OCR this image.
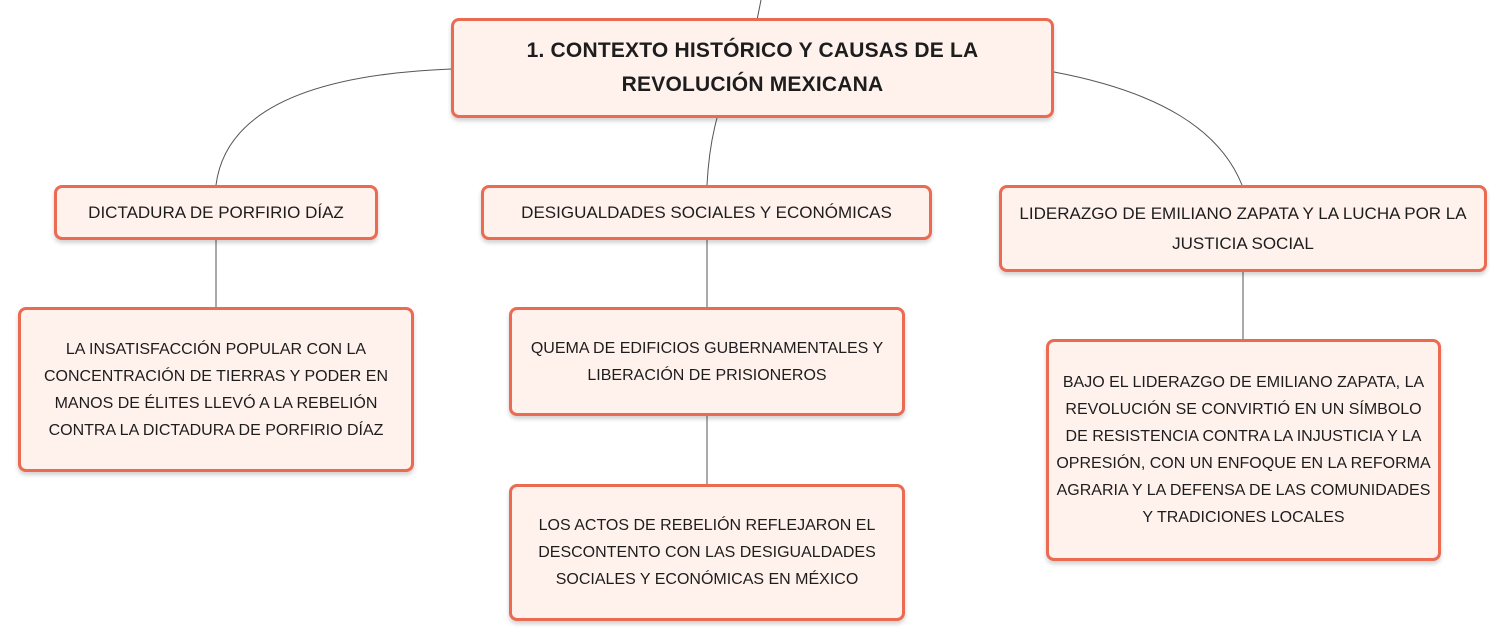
1. CONTEXTO HISTÓRICO Y CAUSAS DE LA REVOLUCIÓN MEXICANA
DICTADURA DE PORFIRIO DÍAZ	DESIGUALDADES SOCIALES Y ECONÓMICAS	LIDERAZGO DE EMILIANO ZAPATA Y LA LUCHA POR LA JUSTICIA SOCIAL
LA INSATISFACCIÓN POPULAR CON LA CONCENTRACIÓN DE TIERRAS Y PODER EN MANOS DE ÉLITES LLEVÓ A LA REBELIÓN CONTRA LA DICTADURA DE PORFIRIO DÍAZ
QUEMA DE EDIFICIOS GUBERNAMENTALES Y LIBERACIÓN DE PRISIONEROS
LOS ACTOS DE REBELIÓN REFLEJARON EL DESCONTENTO CON LAS DESIGUALDADES SOCIALES Y ECONÓMICAS EN MÉXICO
BAJO EL LIDERAZGO DE EMILIANO ZAPATA, LA REVOLUCIÓN SE CONVIRTIÓ EN UN SÍMBOLO DE RESISTENCIA CONTRA LA INJUSTICIA Y LA OPRESIÓN, CON UN ENFOQUE EN LA REFORMA AGRARIA Y LA DEFENSA DE LAS COMUNIDADES Y TRADICIONES LOCALES
